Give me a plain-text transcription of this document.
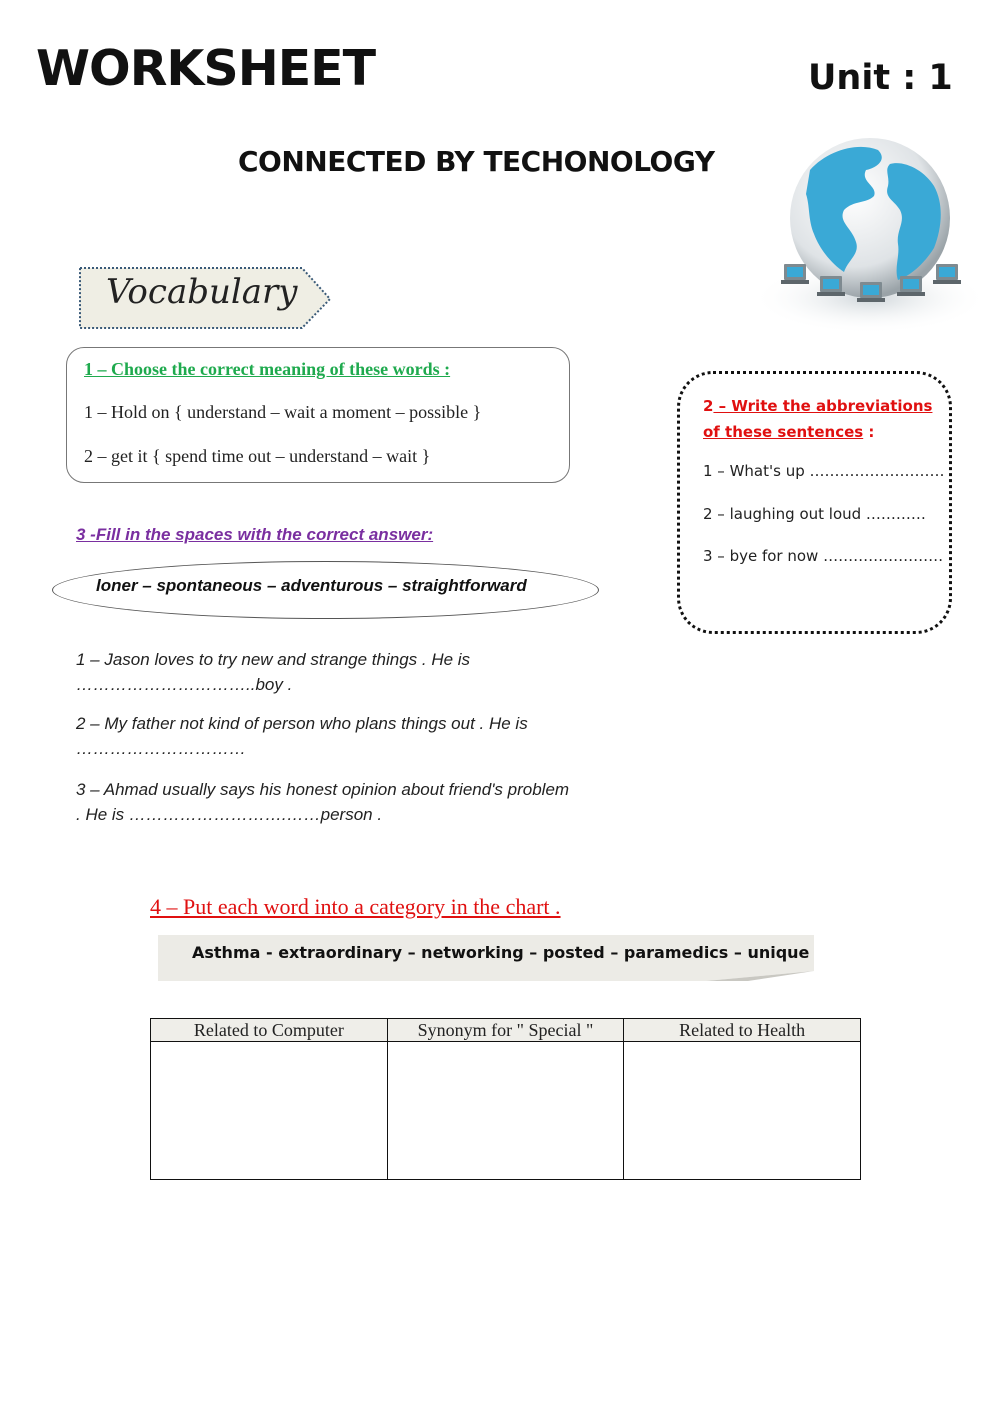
WORKSHEET	Unit : 1
CONNECTED BY TECHONOLOGY
Vocabulary
1 – Choose the correct meaning of these words :
1 – Hold on { understand – wait a moment – possible }
2 – get it { spend time out – understand – wait }
2 – Write the abbreviations of these sentences :
1 – What's up ………………………
2 – laughing out loud …………
3 – bye for now ……………………
3 -Fill in the spaces with the correct answer:
loner – spontaneous – adventurous – straightforward
1 – Jason loves to try new and strange things . He is …………………………..boy .
2 – My father not kind of person who plans things out . He is …………………………
3 – Ahmad usually says his honest opinion about friend's problem . He is ……………………….……person .
4 – Put each word into a category in the chart .
Asthma - extraordinary – networking – posted – paramedics – unique
Related to Computer	Synonym for " Special "	Related to Health
